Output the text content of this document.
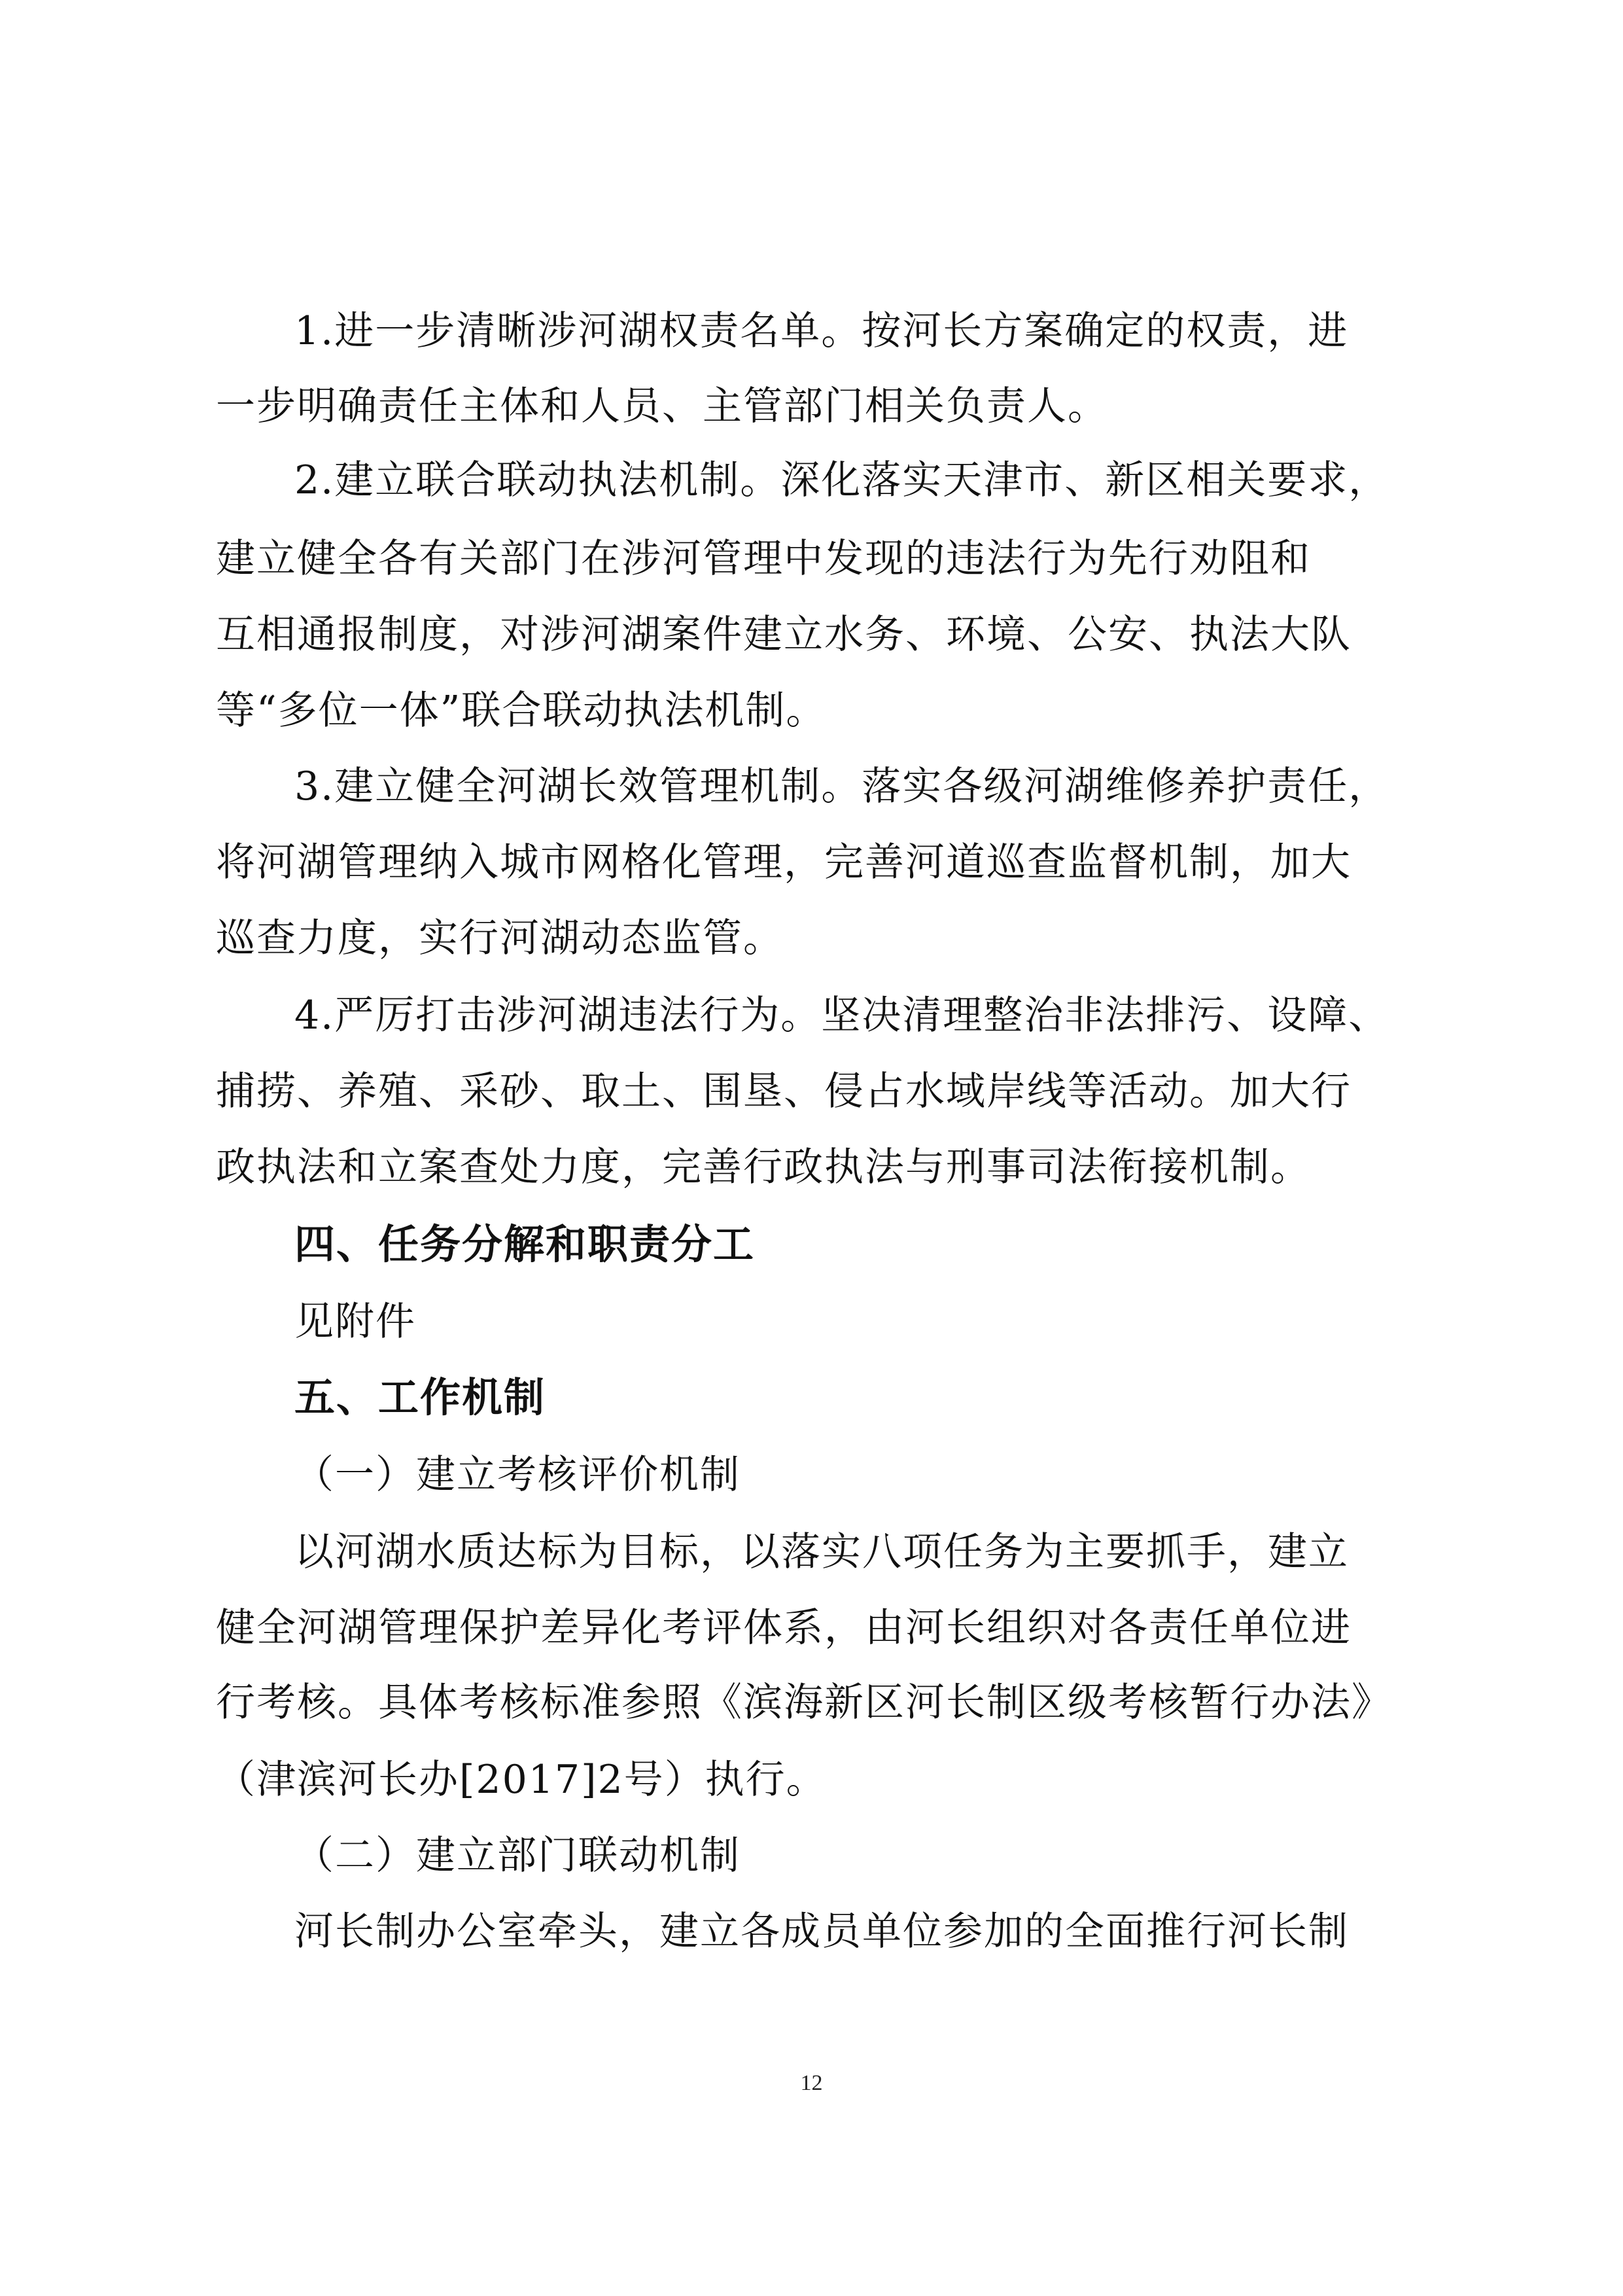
1.进一步清晰涉河湖权责名单。按河长方案确定的权责，进
一步明确责任主体和人员、主管部门相关负责人。
2.建立联合联动执法机制。深化落实天津市、新区相关要求，
建立健全各有关部门在涉河管理中发现的违法行为先行劝阻和
互相通报制度，对涉河湖案件建立水务、环境、公安、执法大队
等“多位一体”联合联动执法机制。
3.建立健全河湖长效管理机制。落实各级河湖维修养护责任，
将河湖管理纳入城市网格化管理，完善河道巡查监督机制，加大
巡查力度，实行河湖动态监管。
4.严厉打击涉河湖违法行为。坚决清理整治非法排污、设障、
捕捞、养殖、采砂、取土、围垦、侵占水域岸线等活动。加大行
政执法和立案查处力度，完善行政执法与刑事司法衔接机制。
四、任务分解和职责分工
见附件
五、工作机制
（一）建立考核评价机制
以河湖水质达标为目标，以落实八项任务为主要抓手，建立
健全河湖管理保护差异化考评体系，由河长组织对各责任单位进
行考核。具体考核标准参照《滨海新区河长制区级考核暂行办法》
（津滨河长办[2017]2号）执行。
（二）建立部门联动机制
河长制办公室牵头，建立各成员单位参加的全面推行河长制
12
